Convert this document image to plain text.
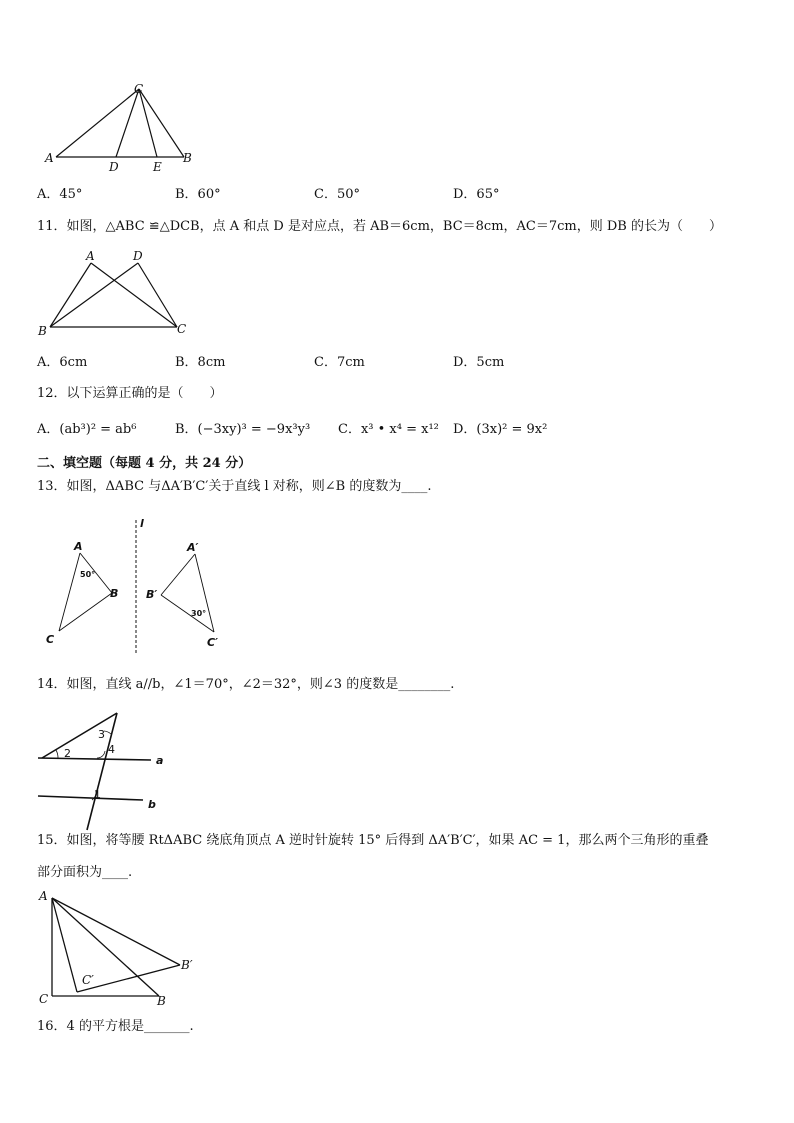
C
A
D	E
B
A．45°	B．60°	C．50°	D．65°
11．如图，△ABC ≌△DCB，点 A 和点 D 是对应点，若 AB＝6cm，BC＝8cm，AC＝7cm，则 DB 的长为（　　）
A	D
B	C
A．6cm	B．8cm	C．7cm	D．5cm
12．以下运算正确的是（　　）
A．(ab³)² = ab⁶	B．(−3xy)³ = −9x³y³ C．x³ • x⁴ = x¹² D．(3x)² = 9x²
二、填空题（每题 4 分，共 24 分）
13．如图，ΔABC 与ΔA′B′C′关于直线 l 对称，则∠B 的度数为____.
l
A
50°
B
C
A′
B′
30°
C′
14．如图，直线 a//b，∠1＝70°，∠2＝32°，则∠3 的度数是________.
2
3
4
1
a
b
15．如图，将等腰 RtΔABC 绕底角顶点 A 逆时针旋转 15° 后得到 ΔA′B′C′，如果 AC = 1，那么两个三角形的重叠
部分面积为____.
A
C	B
B′
C′
16．4 的平方根是_______.
